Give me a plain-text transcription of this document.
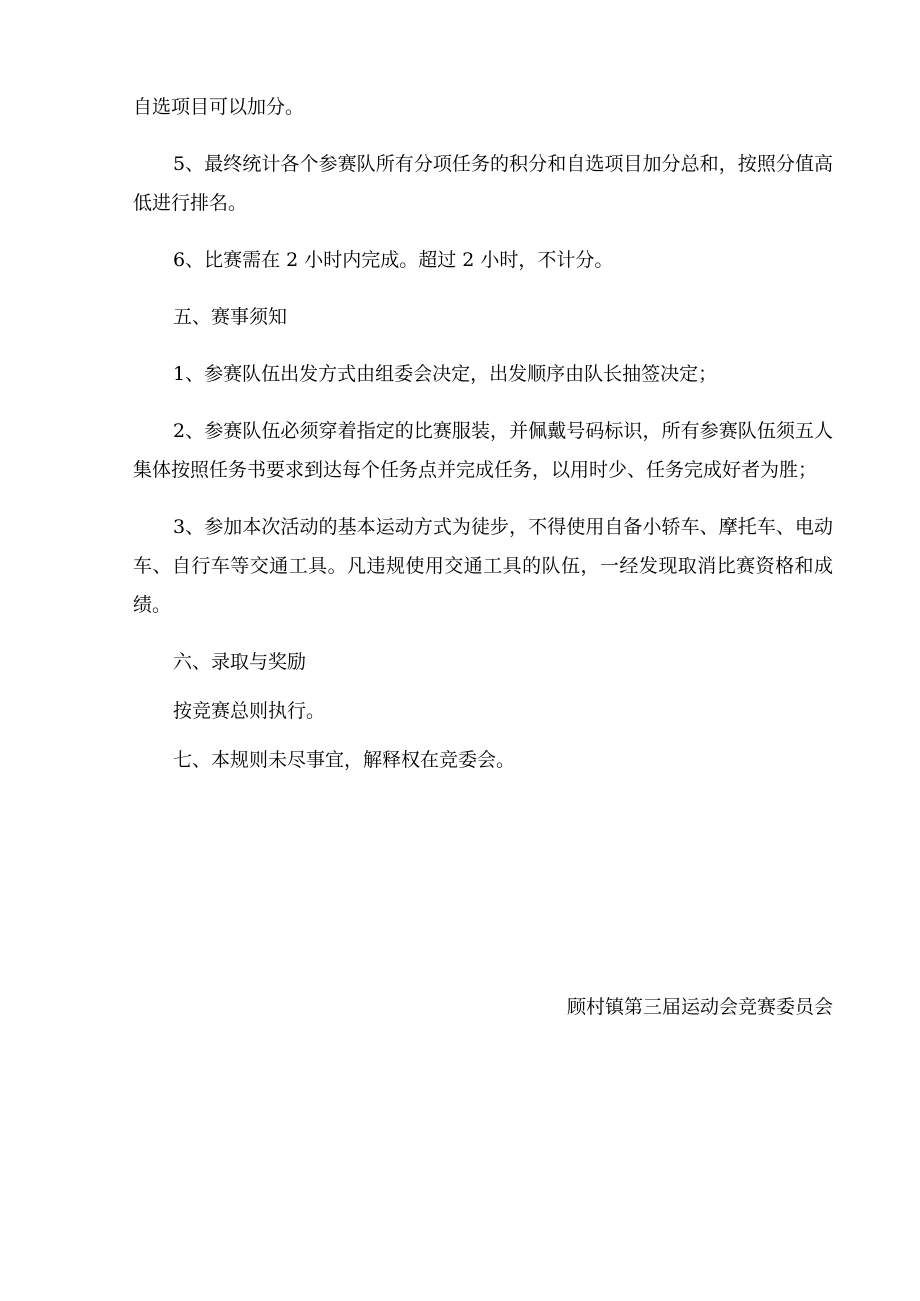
自选项目可以加分。

5、最终统计各个参赛队所有分项任务的积分和自选项目加分总和，按照分值高低进行排名。

6、比赛需在 2 小时内完成。超过 2 小时，不计分。

五、赛事须知

1、参赛队伍出发方式由组委会决定，出发顺序由队长抽签决定；

2、参赛队伍必须穿着指定的比赛服装，并佩戴号码标识，所有参赛队伍须五人集体按照任务书要求到达每个任务点并完成任务，以用时少、任务完成好者为胜；

3、参加本次活动的基本运动方式为徒步，不得使用自备小轿车、摩托车、电动车、自行车等交通工具。凡违规使用交通工具的队伍，一经发现取消比赛资格和成绩。

六、录取与奖励

按竞赛总则执行。

七、本规则未尽事宜，解释权在竞委会。

顾村镇第三届运动会竞赛委员会
